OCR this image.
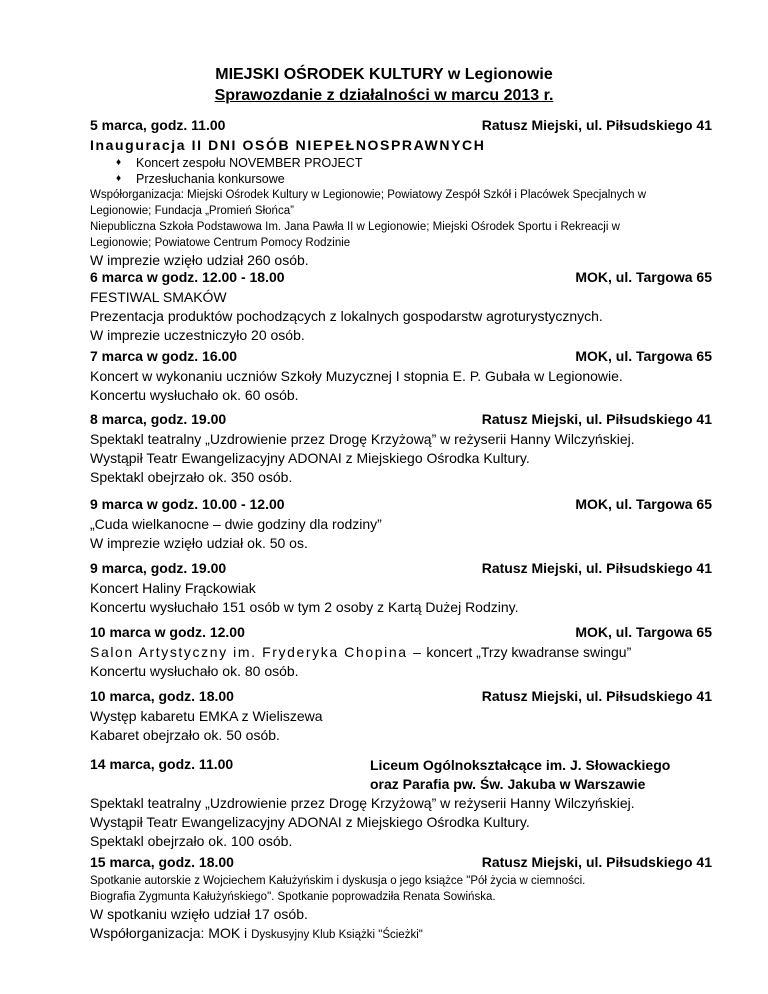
MIEJSKI OŚRODEK KULTURY w Legionowie
Sprawozdanie z działalności w marcu 2013 r.
5 marca, godz. 11.00	Ratusz Miejski, ul. Piłsudskiego 41
Inauguracja II DNI OSÓB NIEPEŁNOSPRAWNYCH
♦ Koncert zespołu NOVEMBER PROJECT
♦ Przesłuchania konkursowe
Współorganizacja: Miejski Ośrodek Kultury w Legionowie; Powiatowy Zespół Szkół i Placówek Specjalnych w
Legionowie; Fundacja „Promień Słońca”
Niepubliczna Szkoła Podstawowa Im. Jana Pawła II w Legionowie; Miejski Ośrodek Sportu i Rekreacji w
Legionowie; Powiatowe Centrum Pomocy Rodzinie
W imprezie wzięło udział 260 osób.
6 marca w godz. 12.00 - 18.00	MOK, ul. Targowa 65
FESTIWAL SMAKÓW
Prezentacja produktów pochodzących z lokalnych gospodarstw agroturystycznych.
W imprezie uczestniczyło 20 osób.
7 marca w godz. 16.00	MOK, ul. Targowa 65
Koncert w wykonaniu uczniów Szkoły Muzycznej I stopnia E. P. Gubała w Legionowie.
Koncertu wysłuchało ok. 60 osób.
8 marca, godz. 19.00	Ratusz Miejski, ul. Piłsudskiego 41
Spektakl teatralny „Uzdrowienie przez Drogę Krzyżową” w reżyserii Hanny Wilczyńskiej.
Wystąpił Teatr Ewangelizacyjny ADONAI z Miejskiego Ośrodka Kultury.
Spektakl obejrzało ok. 350 osób.
9 marca w godz. 10.00 - 12.00	MOK, ul. Targowa 65
„Cuda wielkanocne – dwie godziny dla rodziny”
W imprezie wzięło udział ok. 50 os.
9 marca, godz. 19.00	Ratusz Miejski, ul. Piłsudskiego 41
Koncert Haliny Frąckowiak
Koncertu wysłuchało 151 osób w tym 2 osoby z Kartą Dużej Rodziny.
10 marca w godz. 12.00	MOK, ul. Targowa 65
Salon Artystyczny im. Fryderyka Chopina – koncert „Trzy kwadranse swingu”
Koncertu wysłuchało ok. 80 osób.
10 marca, godz. 18.00	Ratusz Miejski, ul. Piłsudskiego 41
Występ kabaretu EMKA z Wieliszewa
Kabaret obejrzało ok. 50 osób.
14 marca, godz. 11.00	Liceum Ogólnokształcące im. J. Słowackiego
oraz Parafia pw. Św. Jakuba w Warszawie
Spektakl teatralny „Uzdrowienie przez Drogę Krzyżową” w reżyserii Hanny Wilczyńskiej.
Wystąpił Teatr Ewangelizacyjny ADONAI z Miejskiego Ośrodka Kultury.
Spektakl obejrzało ok. 100 osób.
15 marca, godz. 18.00	Ratusz Miejski, ul. Piłsudskiego 41
Spotkanie autorskie z Wojciechem Kałużyńskim i dyskusja o jego książce "Pół życia w ciemności.
Biografia Zygmunta Kałużyńskiego". Spotkanie poprowadziła Renata Sowińska.
W spotkaniu wzięło udział 17 osób.
Współorganizacja: MOK i Dyskusyjny Klub Książki "Ścieżki"
